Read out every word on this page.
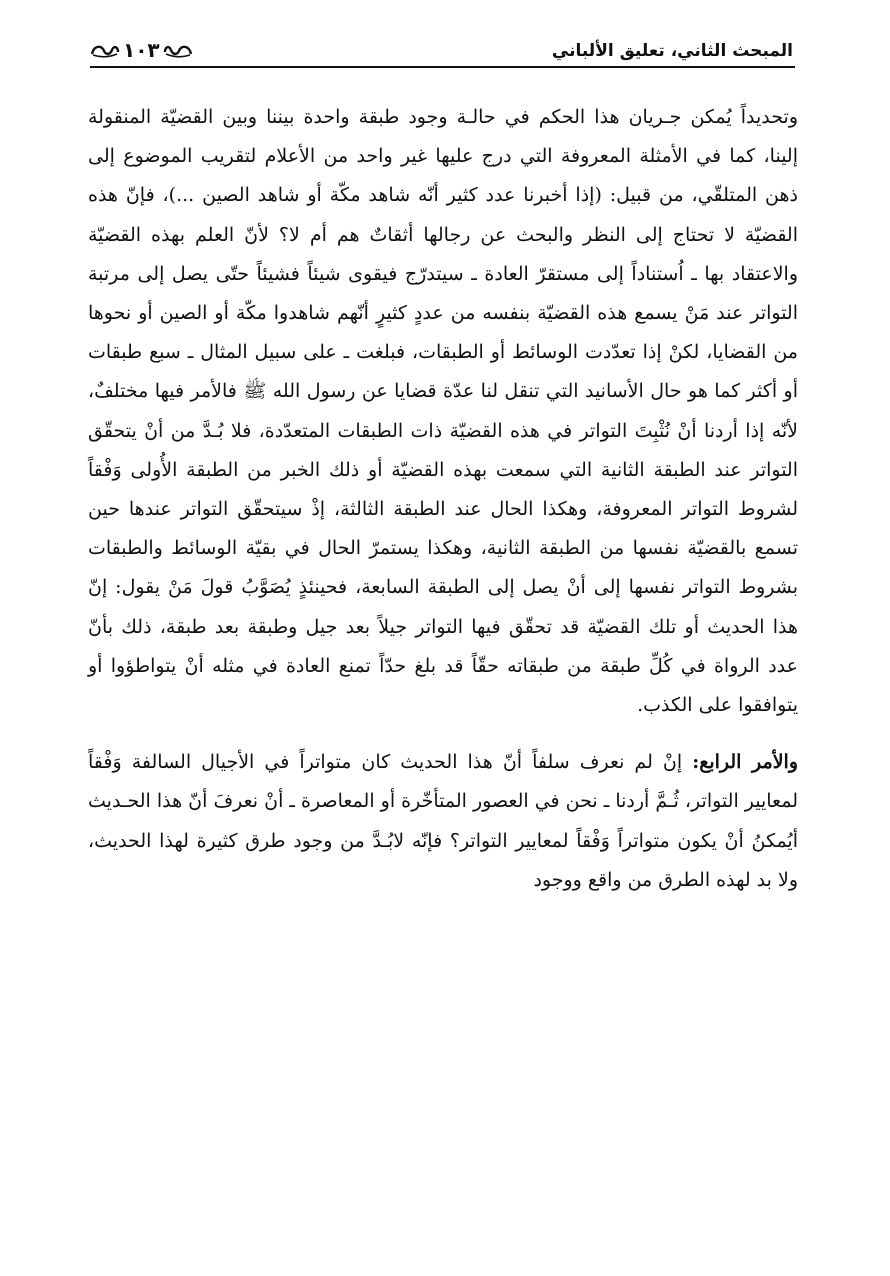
١٠٣	المبحث الثاني، تعليق الألباني

وتحديداً يُمكن جـريان هذا الحكم في حالـة وجود طبقة واحدة بيننا وبين القضيّة المنقولة إلينا، كما في الأمثلة المعروفة التي درج عليها غير واحد من الأعلام لتقريب الموضوع إلى ذهن المتلقّي، من قبيل: (إذا أخبرنا عدد كثير أنّه شاهد مكّة أو شاهد الصين ...)، فإنّ هذه القضيّة لا تحتاج إلى النظر والبحث عن رجالها أثقاتٌ هم أم لا؟ لأنّ العلم بهذه القضيّة والاعتقاد بها ـ اُستناداً إلى مستقرّ العادة ـ سيتدرّج فيقوى شيئاً فشيئاً حتّى يصل إلى مرتبة التواتر عند مَنْ يسمع هذه القضيّة بنفسه من عددٍ كثيرٍ أنّهم شاهدوا مكّة أو الصين أو نحوها من القضايا، لكنْ إذا تعدّدت الوسائط أو الطبقات، فبلغت ـ على سبيل المثال ـ سبع طبقات أو أكثر كما هو حال الأسانيد التي تنقل لنا عدّة قضايا عن رسول الله ﷺ فالأمر فيها مختلفٌ، لأنّه إذا أردنا أنْ نُثْبِتَ التواتر في هذه القضيّة ذات الطبقات المتعدّدة، فلا بُـدَّ من أنْ يتحقّق التواتر عند الطبقة الثانية التي سمعت بهذه القضيّة أو ذلك الخبر من الطبقة الأُولى وَفْقاً لشروط التواتر المعروفة، وهكذا الحال عند الطبقة الثالثة، إذْ سيتحقّق التواتر عندها حين تسمع بالقضيّة نفسها من الطبقة الثانية، وهكذا يستمرّ الحال في بقيّة الوسائط والطبقات بشروط التواتر نفسها إلى أنْ يصل إلى الطبقة السابعة، فحينئذٍ يُصَوَّبُ قولَ مَنْ يقول: إنّ هذا الحديث أو تلك القضيّة قد تحقّق فيها التواتر جيلاً بعد جيل وطبقة بعد طبقة، ذلك بأنّ عدد الرواة في كُلِّ طبقة من طبقاته حقّاً قد بلغ حدّاً تمنع العادة في مثله أنْ يتواطؤوا أو يتوافقوا على الكذب.

والأمر الرابع: إنْ لم نعرف سلفاً أنّ هذا الحديث كان متواتراً في الأجيال السالفة وَفْقاً لمعايير التواتر، ثُـمَّ أردنا ـ نحن في العصور المتأخّرة أو المعاصرة ـ أنْ نعرفَ أنّ هذا الحـديث أيُمكنُ أنْ يكون متواتراً وَفْقاً لمعايير التواتر؟ فإنّه لابُـدَّ من وجود طرق كثيرة لهذا الحديث، ولا بد لهذه الطرق من واقع ووجود
